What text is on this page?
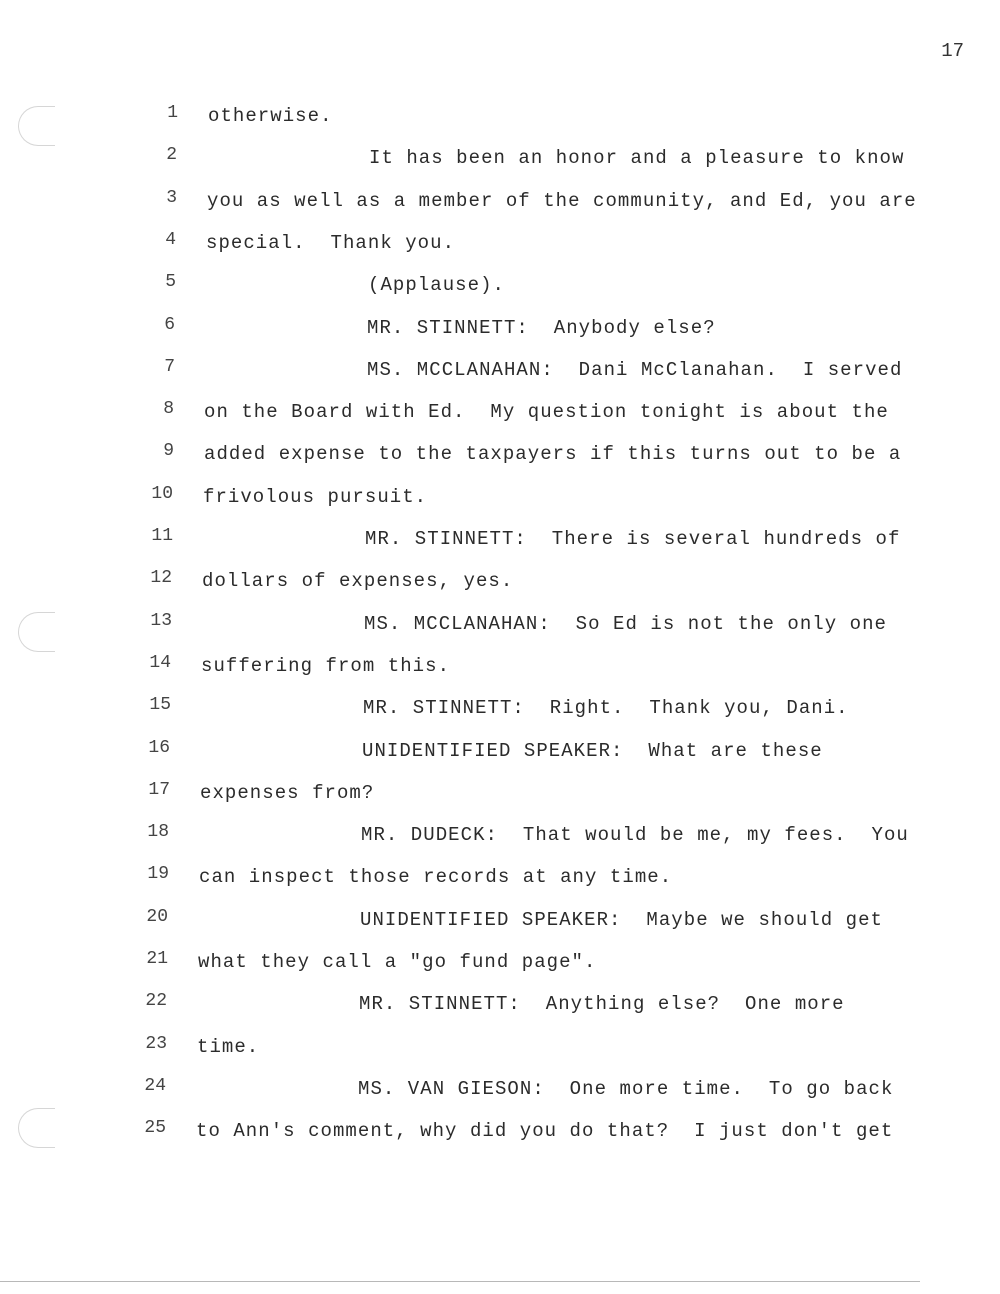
17
1 otherwise.
2	It has been an honor and a pleasure to know
3 you as well as a member of the community, and Ed, you are
4 special.  Thank you.
5	(Applause).
6	MR. STINNETT:  Anybody else?
7	MS. MCCLANAHAN:  Dani McClanahan.  I served
8 on the Board with Ed.  My question tonight is about the
9 added expense to the taxpayers if this turns out to be a
10 frivolous pursuit.
11	MR. STINNETT:  There is several hundreds of
12 dollars of expenses, yes.
13	MS. MCCLANAHAN:  So Ed is not the only one
14 suffering from this.
15	MR. STINNETT:  Right.  Thank you, Dani.
16	UNIDENTIFIED SPEAKER:  What are these
17 expenses from?
18	MR. DUDECK:  That would be me, my fees.  You
19 can inspect those records at any time.
20	UNIDENTIFIED SPEAKER:  Maybe we should get
21 what they call a "go fund page".
22	MR. STINNETT:  Anything else?  One more
23 time.
24	MS. VAN GIESON:  One more time.  To go back
25 to Ann's comment, why did you do that?  I just don't get
